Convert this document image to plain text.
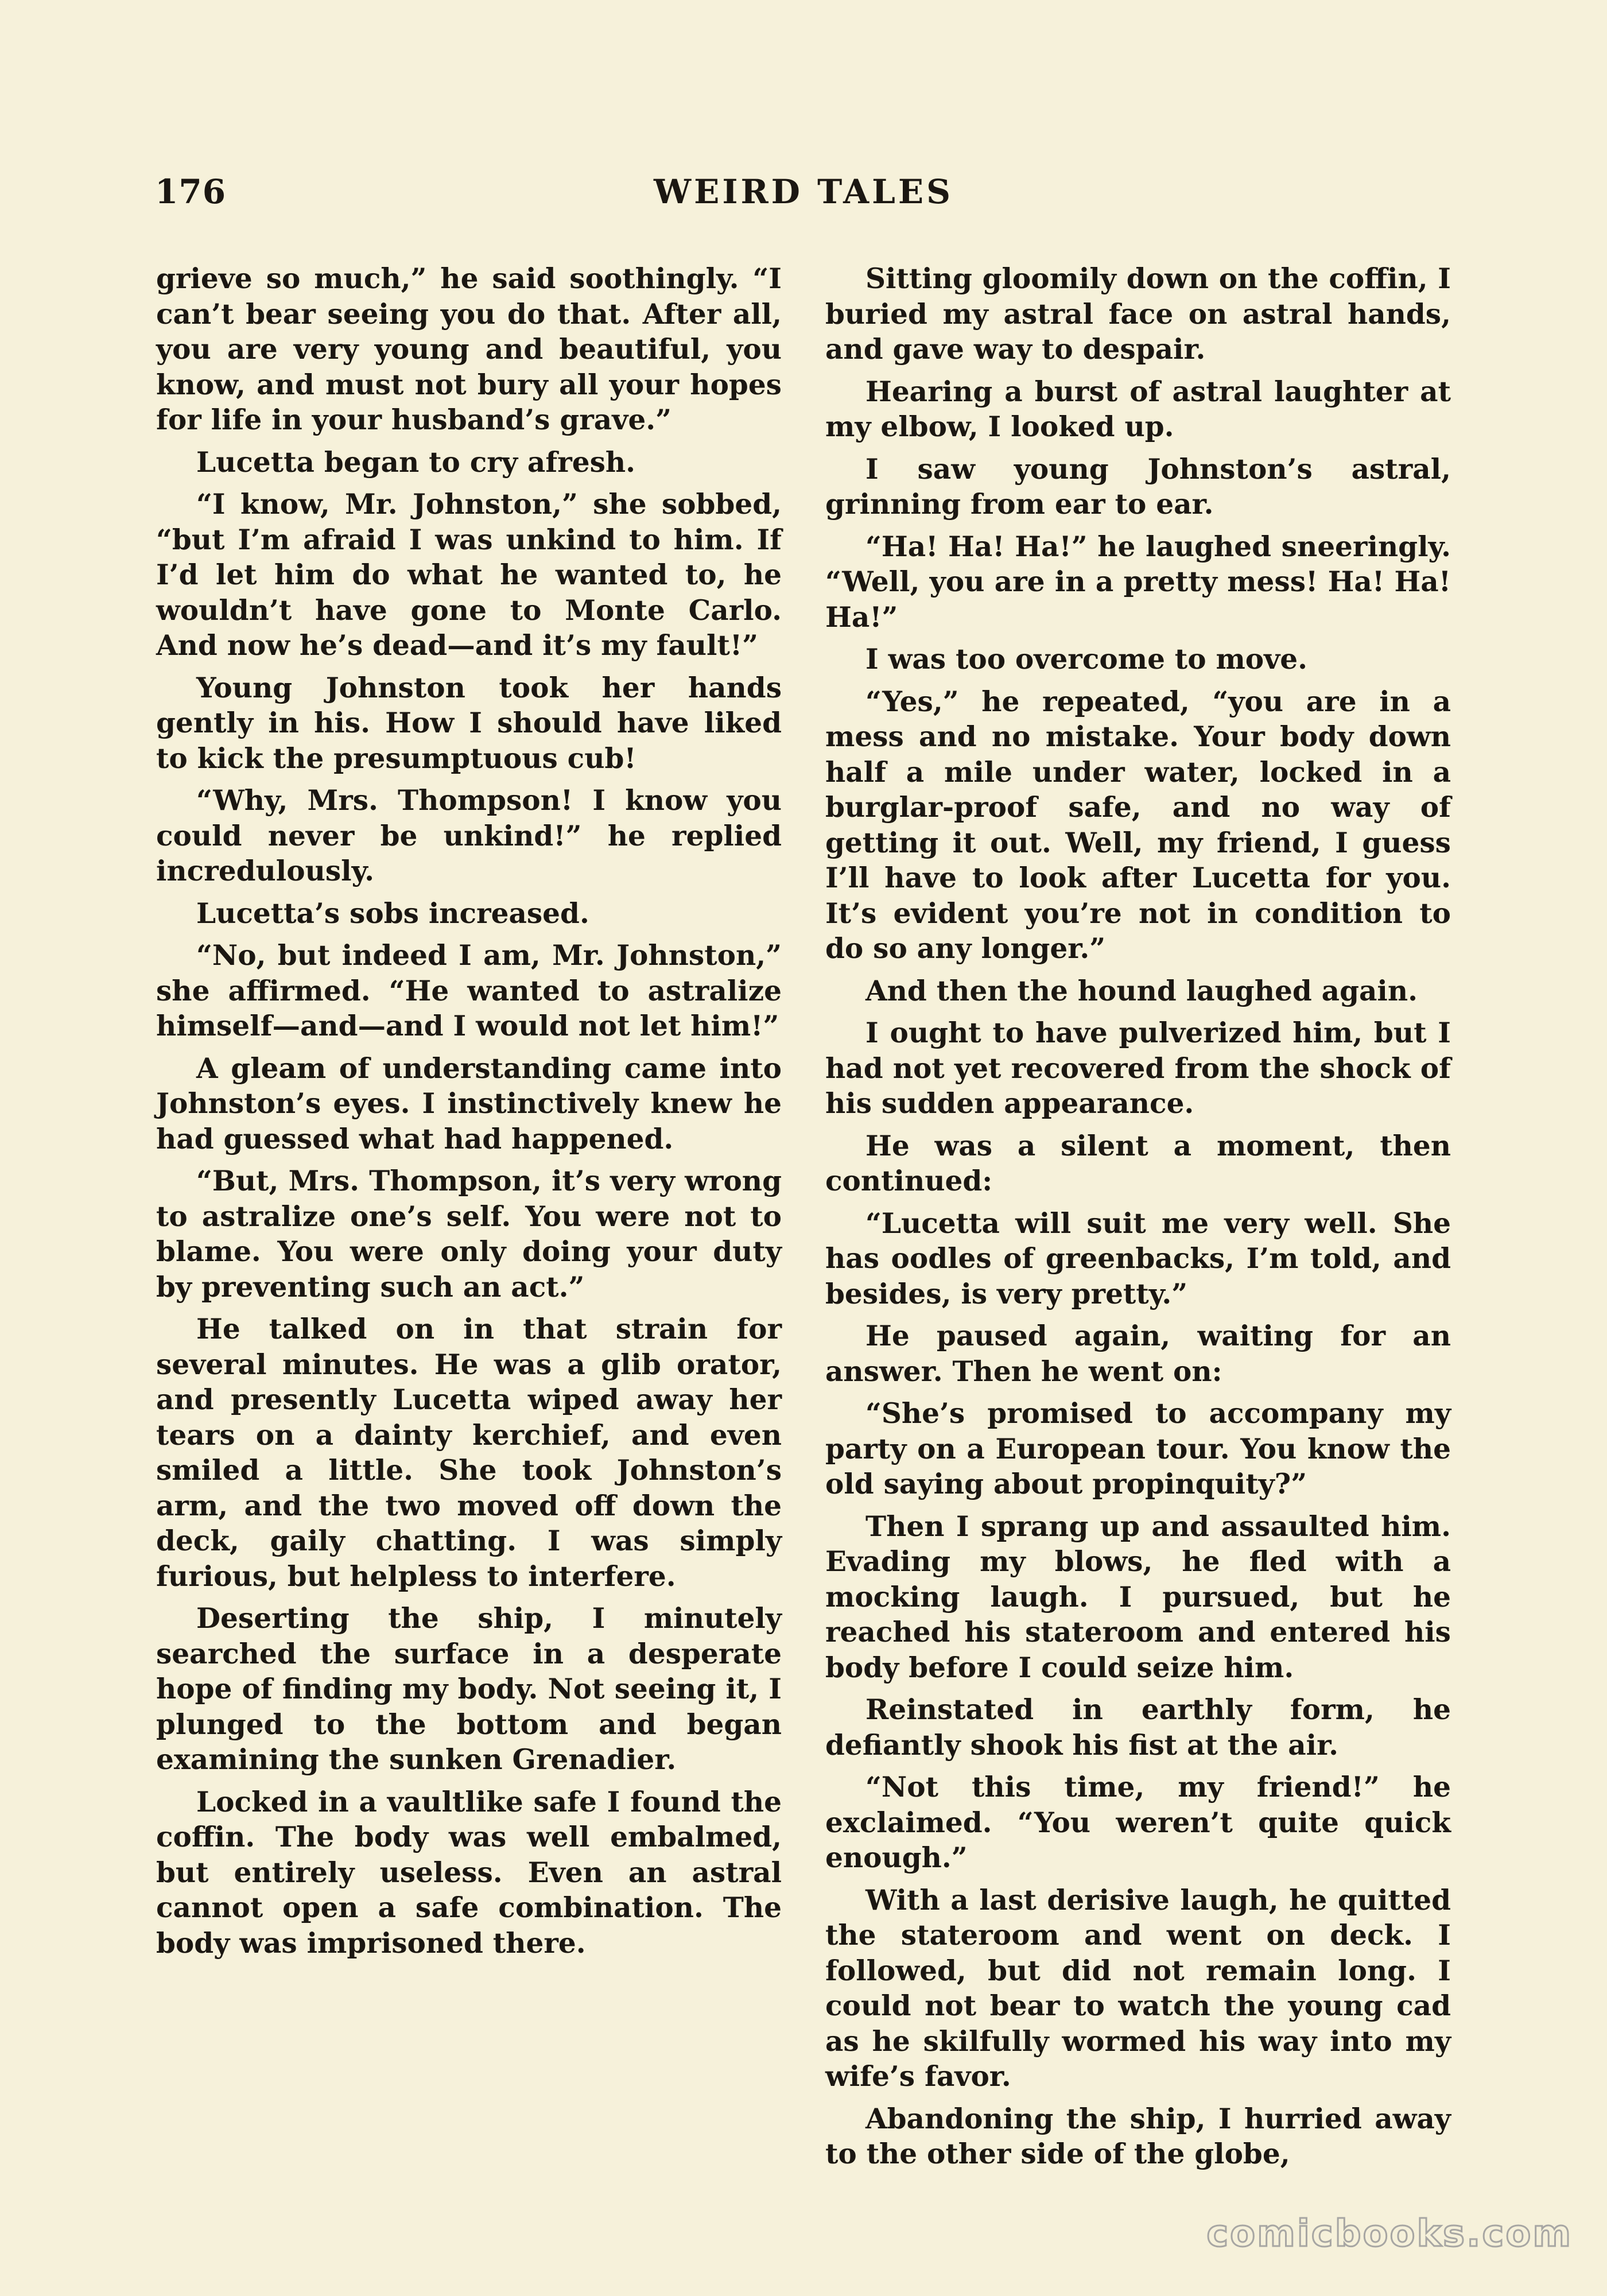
176	WEIRD TALES

grieve so much,” he said soothingly. “I can’t bear seeing you do that. After all, you are very young and beautiful, you know, and must not bury all your hopes for life in your husband’s grave.”

Lucetta began to cry afresh.

“I know, Mr. Johnston,” she sobbed, “but I’m afraid I was unkind to him. If I’d let him do what he wanted to, he wouldn’t have gone to Monte Carlo. And now he’s dead—and it’s my fault!”

Young Johnston took her hands gently in his. How I should have liked to kick the presumptuous cub!

“Why, Mrs. Thompson! I know you could never be unkind!” he replied incredulously.

Lucetta’s sobs increased.

“No, but indeed I am, Mr. Johnston,” she affirmed. “He wanted to astralize himself—and—and I would not let him!”

A gleam of understanding came into Johnston’s eyes. I instinctively knew he had guessed what had happened.

“But, Mrs. Thompson, it’s very wrong to astralize one’s self. You were not to blame. You were only doing your duty by preventing such an act.”

He talked on in that strain for several minutes. He was a glib orator, and presently Lucetta wiped away her tears on a dainty kerchief, and even smiled a little. She took Johnston’s arm, and the two moved off down the deck, gaily chatting. I was simply furious, but helpless to interfere.

Deserting the ship, I minutely searched the surface in a desperate hope of finding my body. Not seeing it, I plunged to the bottom and began examining the sunken Grenadier.

Locked in a vaultlike safe I found the coffin. The body was well embalmed, but entirely useless. Even an astral cannot open a safe combination. The body was imprisoned there.

Sitting gloomily down on the coffin, I buried my astral face on astral hands, and gave way to despair.

Hearing a burst of astral laughter at my elbow, I looked up.

I saw young Johnston’s astral, grinning from ear to ear.

“Ha! Ha! Ha!” he laughed sneeringly. “Well, you are in a pretty mess! Ha! Ha! Ha!”

I was too overcome to move.

“Yes,” he repeated, “you are in a mess and no mistake. Your body down half a mile under water, locked in a burglar-proof safe, and no way of getting it out. Well, my friend, I guess I’ll have to look after Lucetta for you. It’s evident you’re not in condition to do so any longer.”

And then the hound laughed again.

I ought to have pulverized him, but I had not yet recovered from the shock of his sudden appearance.

He was a silent a moment, then continued:

“Lucetta will suit me very well. She has oodles of greenbacks, I’m told, and besides, is very pretty.”

He paused again, waiting for an answer. Then he went on:

“She’s promised to accompany my party on a European tour. You know the old saying about propinquity?”

Then I sprang up and assaulted him. Evading my blows, he fled with a mocking laugh. I pursued, but he reached his stateroom and entered his body before I could seize him.

Reinstated in earthly form, he defiantly shook his fist at the air.

“Not this time, my friend!” he exclaimed. “You weren’t quite quick enough.”

With a last derisive laugh, he quitted the stateroom and went on deck. I followed, but did not remain long. I could not bear to watch the young cad as he skilfully wormed his way into my wife’s favor.

Abandoning the ship, I hurried away to the other side of the globe,

comicbooks.com
